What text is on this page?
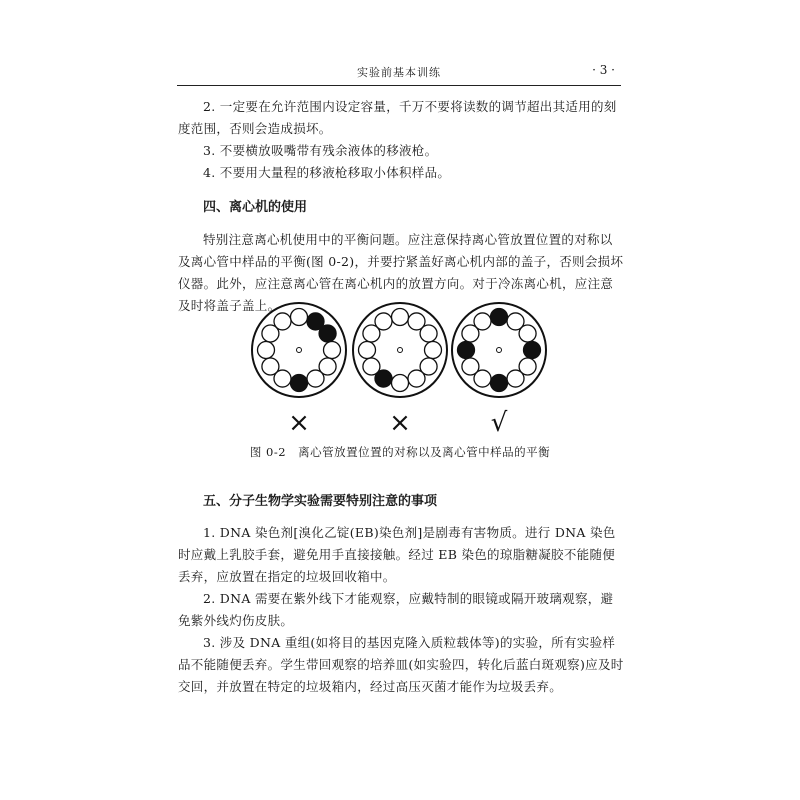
实验前基本训练	· 3 ·

2. 一定要在允许范围内设定容量，千万不要将读数的调节超出其适用的刻度范围，否则会造成损坏。

3. 不要横放吸嘴带有残余液体的移液枪。

4. 不要用大量程的移液枪移取小体积样品。

四、离心机的使用

特别注意离心机使用中的平衡问题。应注意保持离心管放置位置的对称以及离心管中样品的平衡(图 0-2)，并要拧紧盖好离心机内部的盖子，否则会损坏仪器。此外，应注意离心管在离心机内的放置方向。对于冷冻离心机，应注意及时将盖子盖上。

×	×	√
图 0-2　离心管放置位置的对称以及离心管中样品的平衡
五、分子生物学实验需要特别注意的事项

1. DNA 染色剂[溴化乙锭(EB)染色剂]是剧毒有害物质。进行 DNA 染色时应戴上乳胶手套，避免用手直接接触。经过 EB 染色的琼脂糖凝胶不能随便丢弃，应放置在指定的垃圾回收箱中。

2. DNA 需要在紫外线下才能观察，应戴特制的眼镜或隔开玻璃观察，避免紫外线灼伤皮肤。

3. 涉及 DNA 重组(如将目的基因克隆入质粒载体等)的实验，所有实验样品不能随便丢弃。学生带回观察的培养皿(如实验四，转化后蓝白斑观察)应及时交回，并放置在特定的垃圾箱内，经过高压灭菌才能作为垃圾丢弃。
